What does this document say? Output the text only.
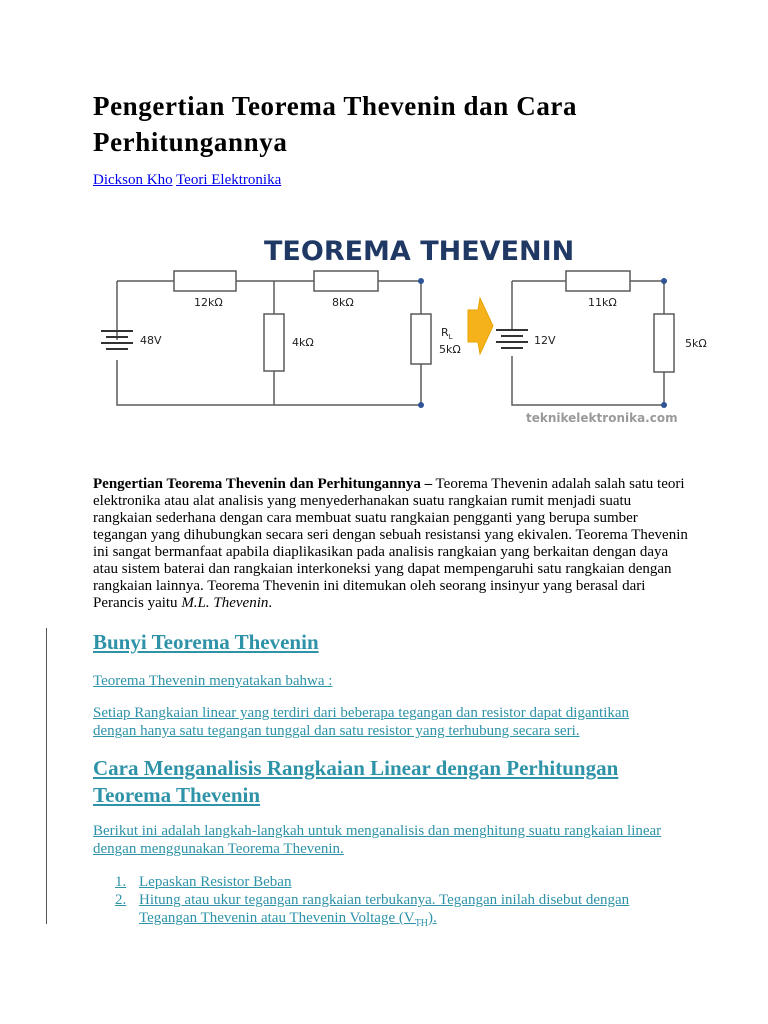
Pengertian Teorema Thevenin dan Cara Perhitungannya
Dickson Kho Teori Elektronika
TEOREMA THEVENIN
48V
12kΩ	8kΩ
4kΩ
$R_L$
5kΩ
12V
11kΩ
5kΩ
teknikelektronika.com

Pengertian Teorema Thevenin dan Perhitungannya – Teorema Thevenin adalah salah satu teori elektronika atau alat analisis yang menyederhanakan suatu rangkaian rumit menjadi suatu rangkaian sederhana dengan cara membuat suatu rangkaian pengganti yang berupa sumber tegangan yang dihubungkan secara seri dengan sebuah resistansi yang ekivalen. Teorema Thevenin ini sangat bermanfaat apabila diaplikasikan pada analisis rangkaian yang berkaitan dengan daya atau sistem baterai dan rangkaian interkoneksi yang dapat mempengaruhi satu rangkaian dengan rangkaian lainnya. Teorema Thevenin ini ditemukan oleh seorang insinyur yang berasal dari Perancis yaitu M.L. Thevenin.

Bunyi Teorema Thevenin

Teorema Thevenin menyatakan bahwa :

Setiap Rangkaian linear yang terdiri dari beberapa tegangan dan resistor dapat digantikan dengan hanya satu tegangan tunggal dan satu resistor yang terhubung secara seri.

Cara Menganalisis Rangkaian Linear dengan Perhitungan Teorema Thevenin

Berikut ini adalah langkah-langkah untuk menganalisis dan menghitung suatu rangkaian linear dengan menggunakan Teorema Thevenin.

1. Lepaskan Resistor Beban
2. Hitung atau ukur tegangan rangkaian terbukanya. Tegangan inilah disebut dengan Tegangan Thevenin atau Thevenin Voltage $(V_{TH})$.
